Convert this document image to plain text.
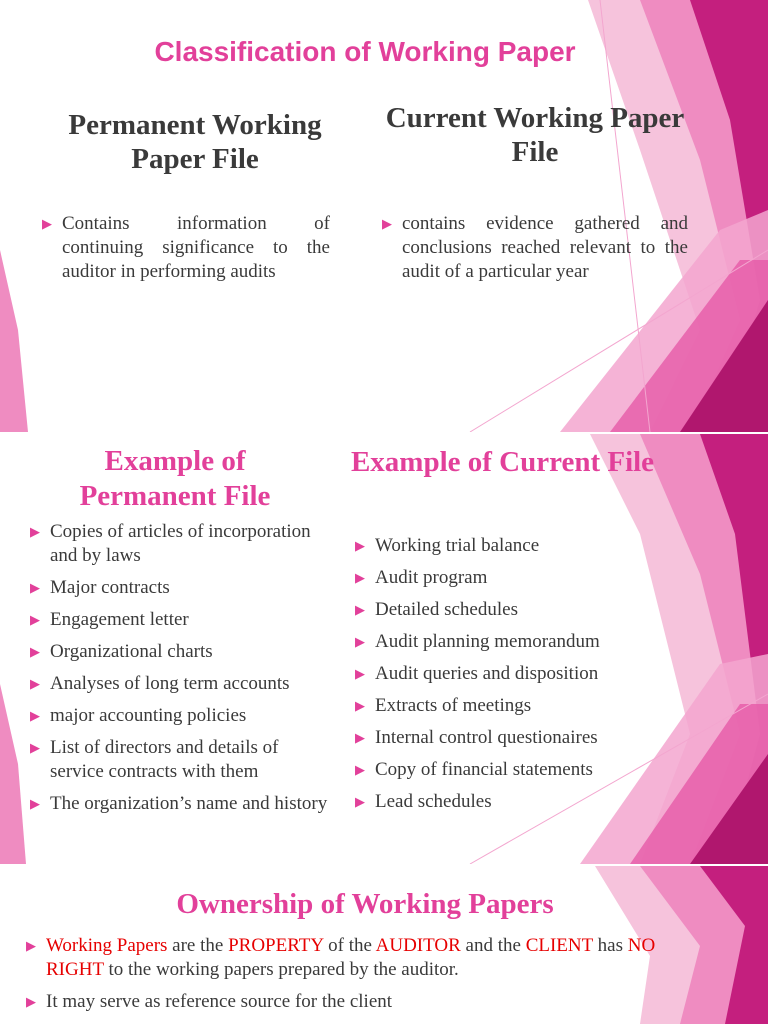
Classification of Working Paper
Permanent Working Paper File
Current Working Paper File
▶ Contains information of continuing significance to the auditor in performing audits
▶ contains evidence gathered and conclusions reached relevant to the audit of a particular year
Example of Permanent File
Example of Current File
▶ Copies of articles of incorporation and by laws
▶ Major contracts
▶ Engagement letter
▶ Organizational charts
▶ Analyses of long term accounts
▶ major accounting policies
▶ List of directors and details of service contracts with them
▶ The organization’s name and history
▶ Working trial balance
▶ Audit program
▶ Detailed schedules
▶ Audit planning memorandum
▶ Audit queries and disposition
▶ Extracts of meetings
▶ Internal control questionaires
▶ Copy of financial statements
▶ Lead schedules
Ownership of Working Papers
▶ Working Papers are the PROPERTY of the AUDITOR and the CLIENT has NO RIGHT to the working papers prepared by the auditor.
▶ It may serve as reference source for the client
